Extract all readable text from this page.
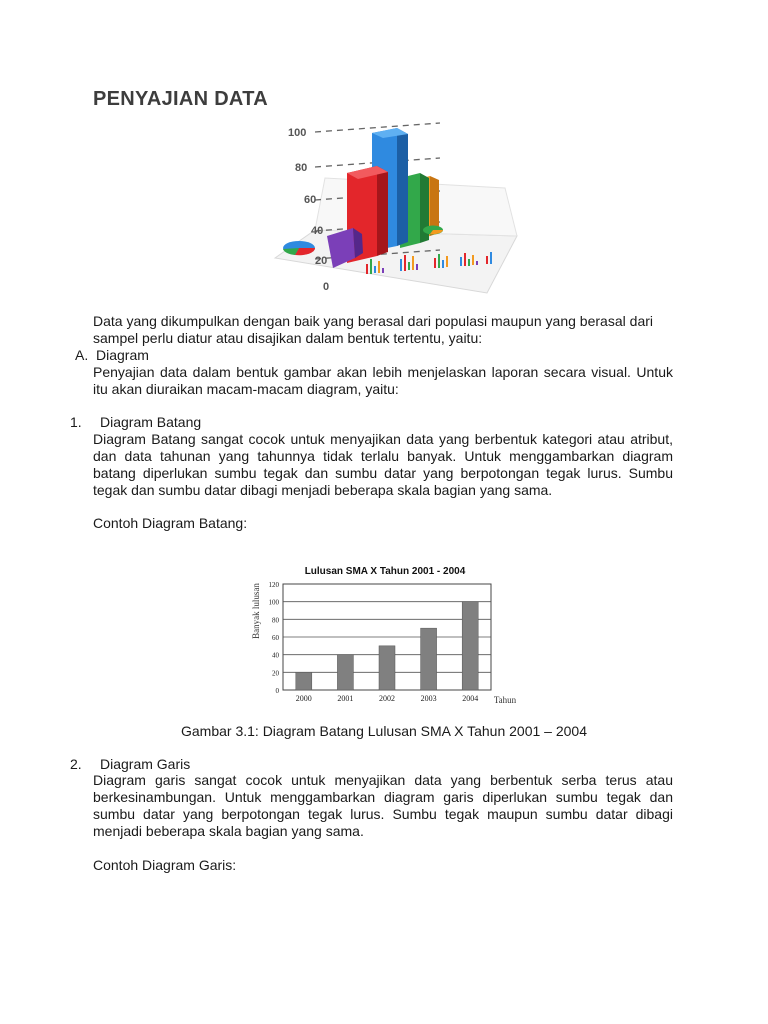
PENYAJIAN DATA
100
80
60
40
20
0

Data yang dikumpulkan dengan baik yang berasal dari populasi maupun yang berasal dari sampel perlu diatur atau disajikan dalam bentuk tertentu, yaitu:

A. Diagram

Penyajian data dalam bentuk gambar akan lebih menjelaskan laporan secara visual. Untuk itu akan diuraikan macam-macam diagram, yaitu:

1. Diagram Batang

Diagram Batang sangat cocok untuk menyajikan data yang berbentuk kategori atau atribut, dan data tahunan yang tahunnya tidak terlalu banyak. Untuk menggambarkan diagram batang diperlukan sumbu tegak dan sumbu datar yang berpotongan tegak lurus. Sumbu tegak dan sumbu datar dibagi menjadi beberapa skala bagian yang sama.

Contoh Diagram Batang:

Lulusan SMA X Tahun 2001 - 2004
Banyak lulusan 120
100
80
60
40
20
0
2000	2001	2002	2003	2004 Tahun
Gambar 3.1: Diagram Batang Lulusan SMA X Tahun 2001 – 2004
2. Diagram Garis

Diagram garis sangat cocok untuk menyajikan data yang berbentuk serba terus atau berkesinambungan. Untuk menggambarkan diagram garis diperlukan sumbu tegak dan sumbu datar yang berpotongan tegak lurus. Sumbu tegak maupun sumbu datar dibagi menjadi beberapa skala bagian yang sama.

Contoh Diagram Garis:
